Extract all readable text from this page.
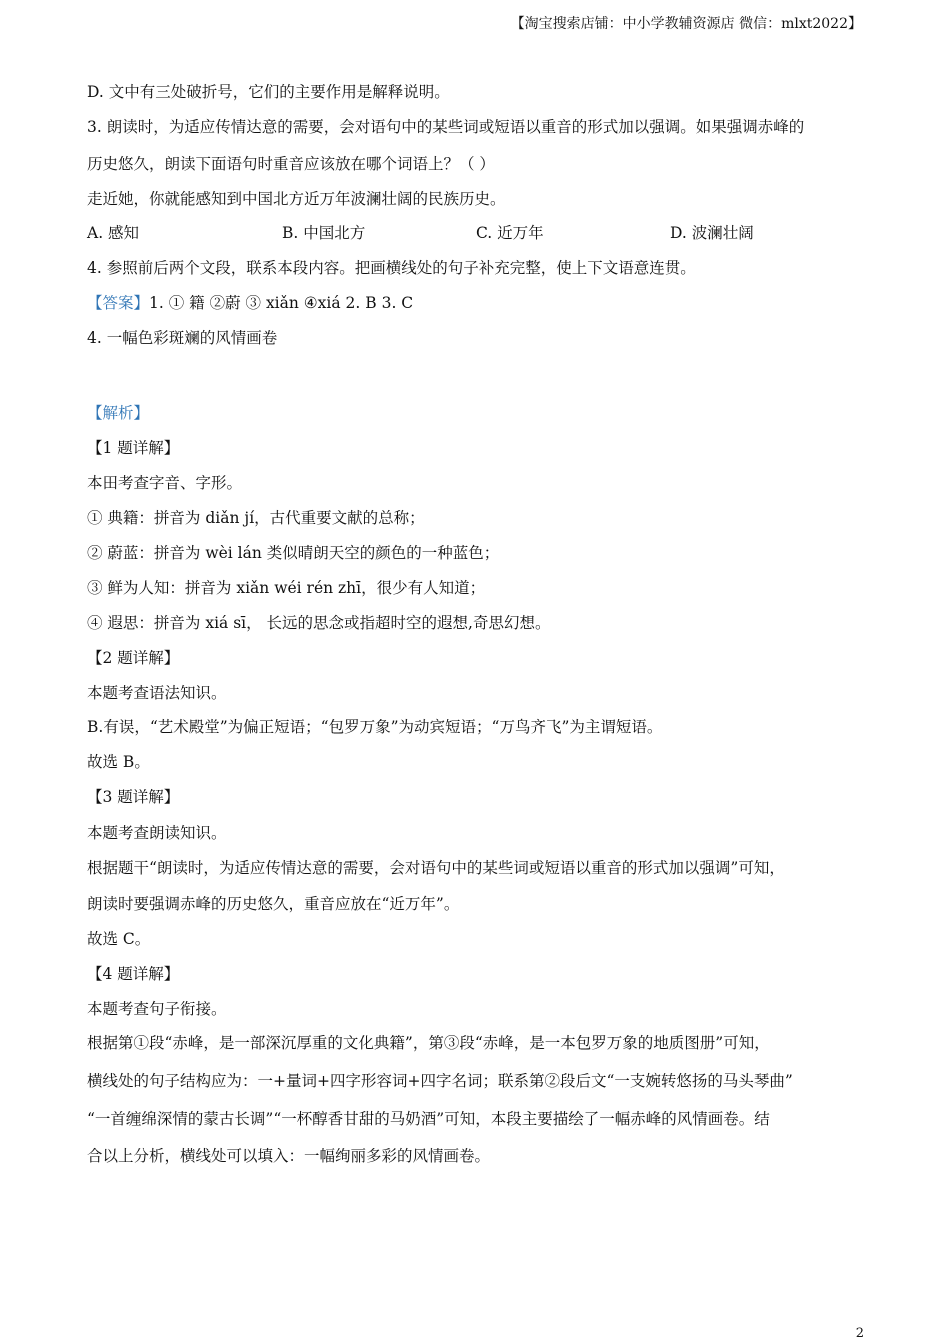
【淘宝搜索店铺：中小学教辅资源店 微信：mlxt2022】
D. 文中有三处破折号，它们的主要作用是解释说明。
3. 朗读时，为适应传情达意的需要，会对语句中的某些词或短语以重音的形式加以强调。如果强调赤峰的
历史悠久，朗读下面语句时重音应该放在哪个词语上？（ ）
走近她，你就能感知到中国北方近万年波澜壮阔的民族历史。
A. 感知	B. 中国北方	C. 近万年	D. 波澜壮阔
4. 参照前后两个文段，联系本段内容。把画横线处的句子补充完整，使上下文语意连贯。
【答案】1. ① 籍 ②蔚 ③ xiǎn ④xiá 2. B 3. C
4. 一幅色彩斑斓的风情画卷
【解析】
【1 题详解】
本田考查字音、字形。
① 典籍：拼音为 diǎn jí，古代重要文献的总称；
② 蔚蓝：拼音为 wèi lán 类似晴朗天空的颜色的一种蓝色；
③ 鲜为人知：拼音为 xiǎn wéi rén zhī，很少有人知道；
④ 遐思：拼音为 xiá sī， 长远的思念或指超时空的遐想,奇思幻想。
【2 题详解】
本题考查语法知识。
B.有误，“艺术殿堂”为偏正短语；“包罗万象”为动宾短语；“万鸟齐飞”为主谓短语。
故选 B。
【3 题详解】
本题考查朗读知识。
根据题干“朗读时，为适应传情达意的需要，会对语句中的某些词或短语以重音的形式加以强调”可知，
朗读时要强调赤峰的历史悠久，重音应放在“近万年”。
故选 C。
【4 题详解】
本题考查句子衔接。
根据第①段“赤峰，是一部深沉厚重的文化典籍”，第③段“赤峰，是一本包罗万象的地质图册”可知，
横线处的句子结构应为：一+量词+四字形容词+四字名词；联系第②段后文“一支婉转悠扬的马头琴曲”
“一首缠绵深情的蒙古长调”“一杯醇香甘甜的马奶酒”可知，本段主要描绘了一幅赤峰的风情画卷。结
合以上分析，横线处可以填入：一幅绚丽多彩的风情画卷。
2
